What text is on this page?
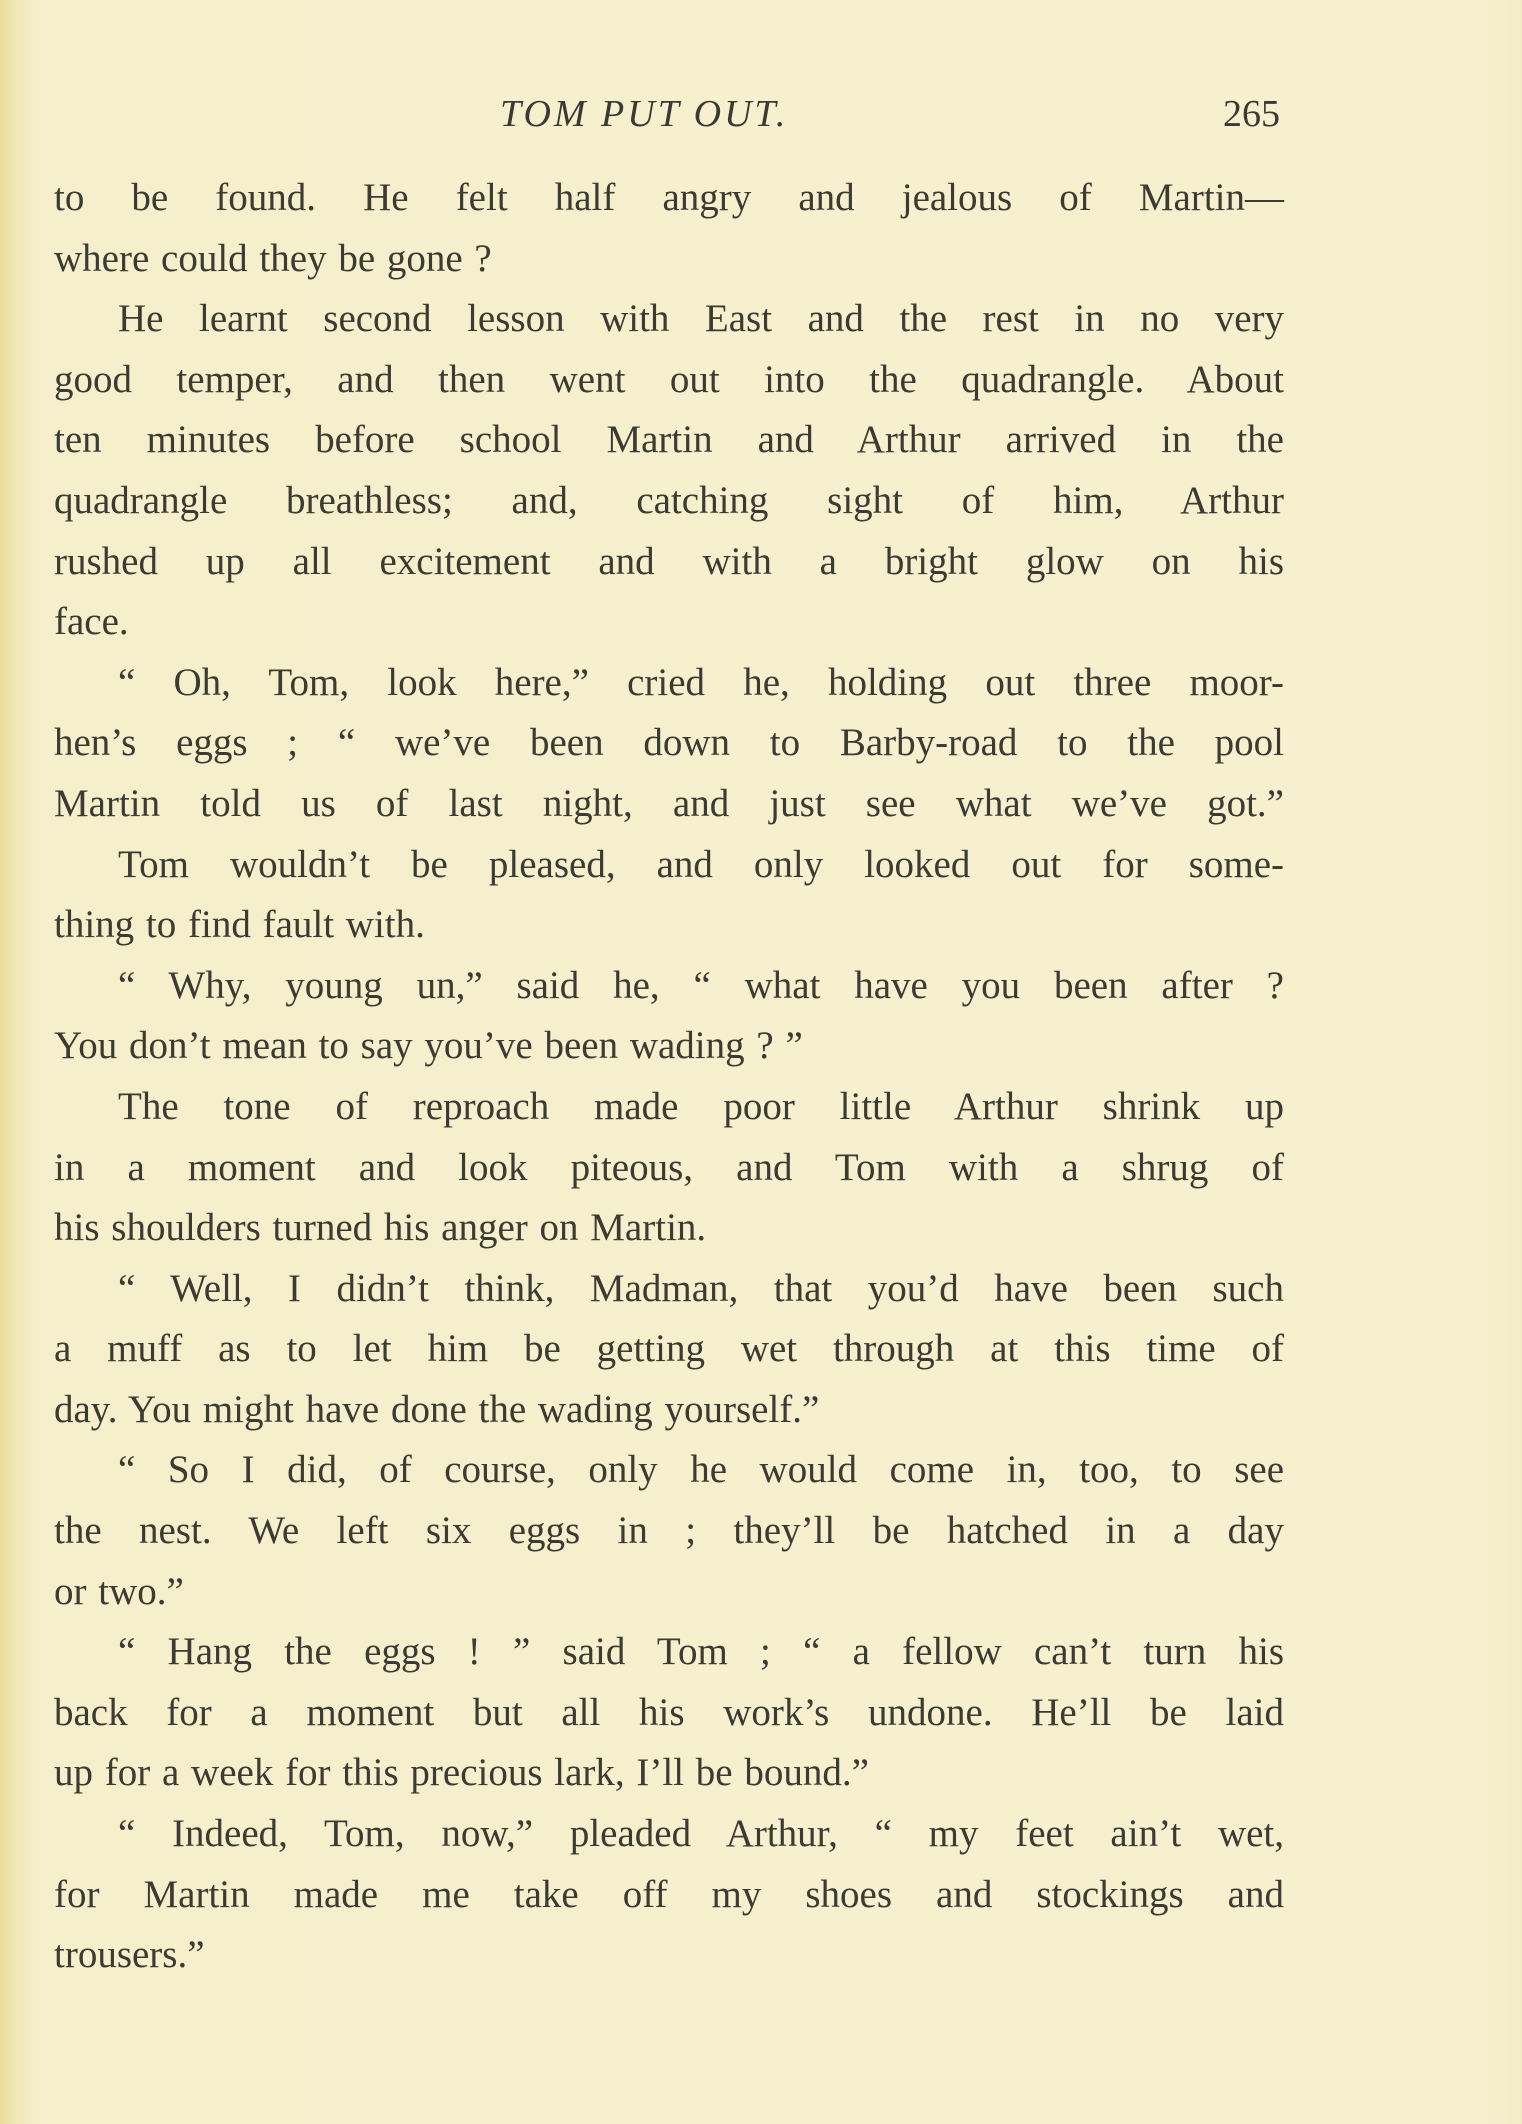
TOM PUT OUT.	265
to be found. He felt half angry and jealous of Martin—
where could they be gone ?
He learnt second lesson with East and the rest in no very
good temper, and then went out into the quadrangle. About
ten minutes before school Martin and Arthur arrived in the
quadrangle breathless; and, catching sight of him, Arthur
rushed up all excitement and with a bright glow on his
face.
“ Oh, Tom, look here,” cried he, holding out three moor-
hen’s eggs ; “ we’ve been down to Barby-road to the pool
Martin told us of last night, and just see what we’ve got.”
Tom wouldn’t be pleased, and only looked out for some-
thing to find fault with.
“ Why, young un,” said he, “ what have you been after ?
You don’t mean to say you’ve been wading ? ”
The tone of reproach made poor little Arthur shrink up
in a moment and look piteous, and Tom with a shrug of
his shoulders turned his anger on Martin.
“ Well, I didn’t think, Madman, that you’d have been such
a muff as to let him be getting wet through at this time of
day. You might have done the wading yourself.”
“ So I did, of course, only he would come in, too, to see
the nest. We left six eggs in ; they’ll be hatched in a day
or two.”
“ Hang the eggs ! ” said Tom ; “ a fellow can’t turn his
back for a moment but all his work’s undone. He’ll be laid
up for a week for this precious lark, I’ll be bound.”
“ Indeed, Tom, now,” pleaded Arthur, “ my feet ain’t wet,
for Martin made me take off my shoes and stockings and
trousers.”
